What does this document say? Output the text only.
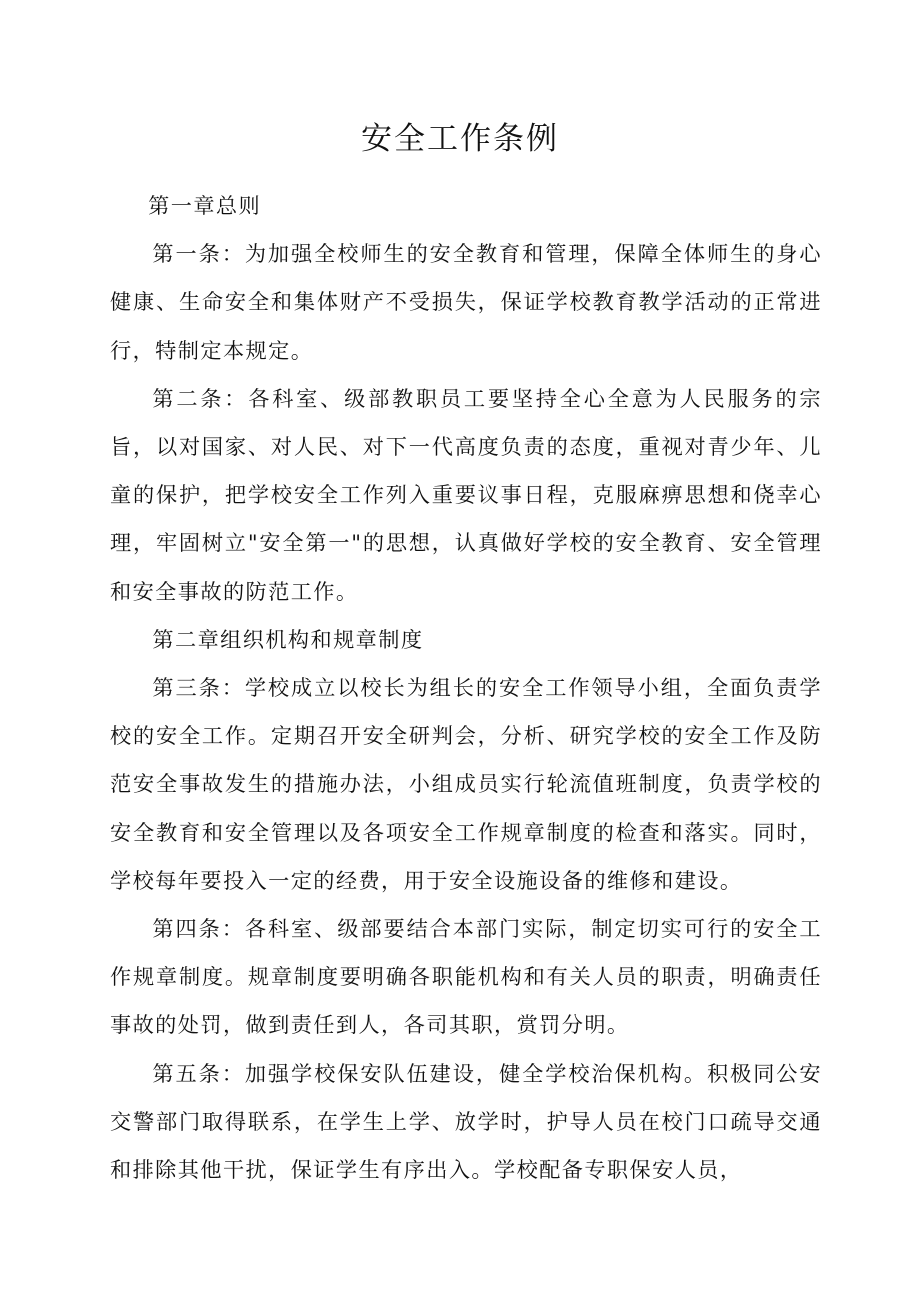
安全工作条例

第一章总则

第一条：为加强全校师生的安全教育和管理，保障全体师生的身心健康、生命安全和集体财产不受损失，保证学校教育教学活动的正常进行，特制定本规定。

第二条：各科室、级部教职员工要坚持全心全意为人民服务的宗旨，以对国家、对人民、对下一代高度负责的态度，重视对青少年、儿童的保护，把学校安全工作列入重要议事日程，克服麻痹思想和侥幸心理，牢固树立"安全第一"的思想，认真做好学校的安全教育、安全管理和安全事故的防范工作。

第二章组织机构和规章制度

第三条：学校成立以校长为组长的安全工作领导小组，全面负责学校的安全工作。定期召开安全研判会，分析、研究学校的安全工作及防范安全事故发生的措施办法，小组成员实行轮流值班制度，负责学校的安全教育和安全管理以及各项安全工作规章制度的检查和落实。同时，学校每年要投入一定的经费，用于安全设施设备的维修和建设。

第四条：各科室、级部要结合本部门实际，制定切实可行的安全工作规章制度。规章制度要明确各职能机构和有关人员的职责，明确责任事故的处罚，做到责任到人，各司其职，赏罚分明。

第五条：加强学校保安队伍建设，健全学校治保机构。积极同公安交警部门取得联系，在学生上学、放学时，护导人员在校门口疏导交通和排除其他干扰，保证学生有序出入。学校配备专职保安人员，
